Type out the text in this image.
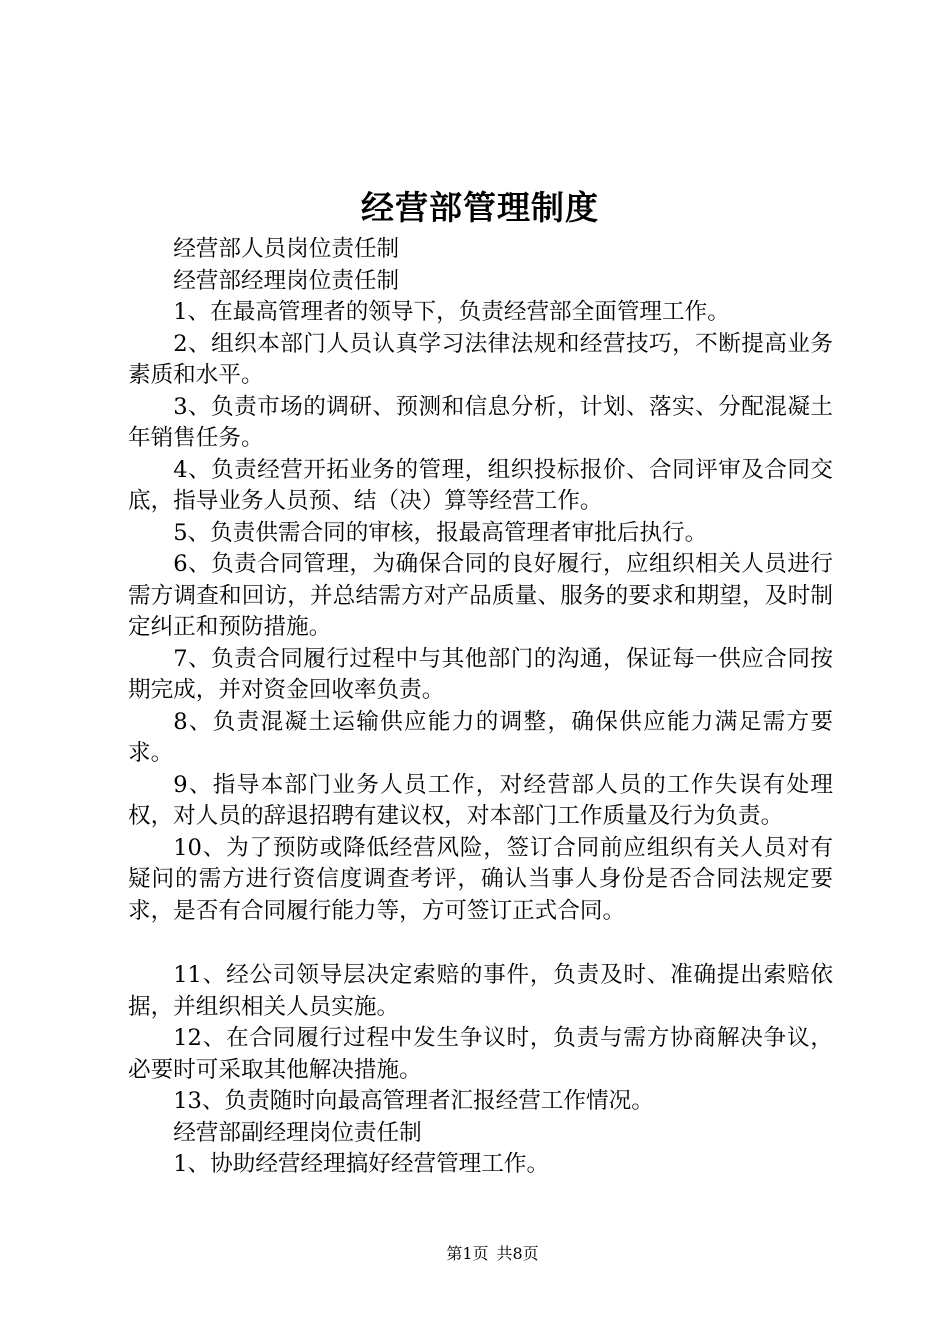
经营部管理制度

经营部人员岗位责任制

经营部经理岗位责任制

1、在最高管理者的领导下，负责经营部全面管理工作。

2、组织本部门人员认真学习法律法规和经营技巧，不断提高业务素质和水平。

3、负责市场的调研、预测和信息分析，计划、落实、分配混凝土年销售任务。

4、负责经营开拓业务的管理，组织投标报价、合同评审及合同交底，指导业务人员预、结（决）算等经营工作。

5、负责供需合同的审核，报最高管理者审批后执行。

6、负责合同管理，为确保合同的良好履行，应组织相关人员进行需方调查和回访，并总结需方对产品质量、服务的要求和期望，及时制定纠正和预防措施。

7、负责合同履行过程中与其他部门的沟通，保证每一供应合同按期完成，并对资金回收率负责。

8、负责混凝土运输供应能力的调整，确保供应能力满足需方要求。

9、指导本部门业务人员工作，对经营部人员的工作失误有处理权，对人员的辞退招聘有建议权，对本部门工作质量及行为负责。

10、为了预防或降低经营风险，签订合同前应组织有关人员对有疑问的需方进行资信度调查考评，确认当事人身份是否合同法规定要求，是否有合同履行能力等，方可签订正式合同。

11、经公司领导层决定索赔的事件，负责及时、准确提出索赔依据，并组织相关人员实施。

12、在合同履行过程中发生争议时，负责与需方协商解决争议，必要时可采取其他解决措施。

13、负责随时向最高管理者汇报经营工作情况。

经营部副经理岗位责任制

1、协助经营经理搞好经营管理工作。

第1页 共8页
